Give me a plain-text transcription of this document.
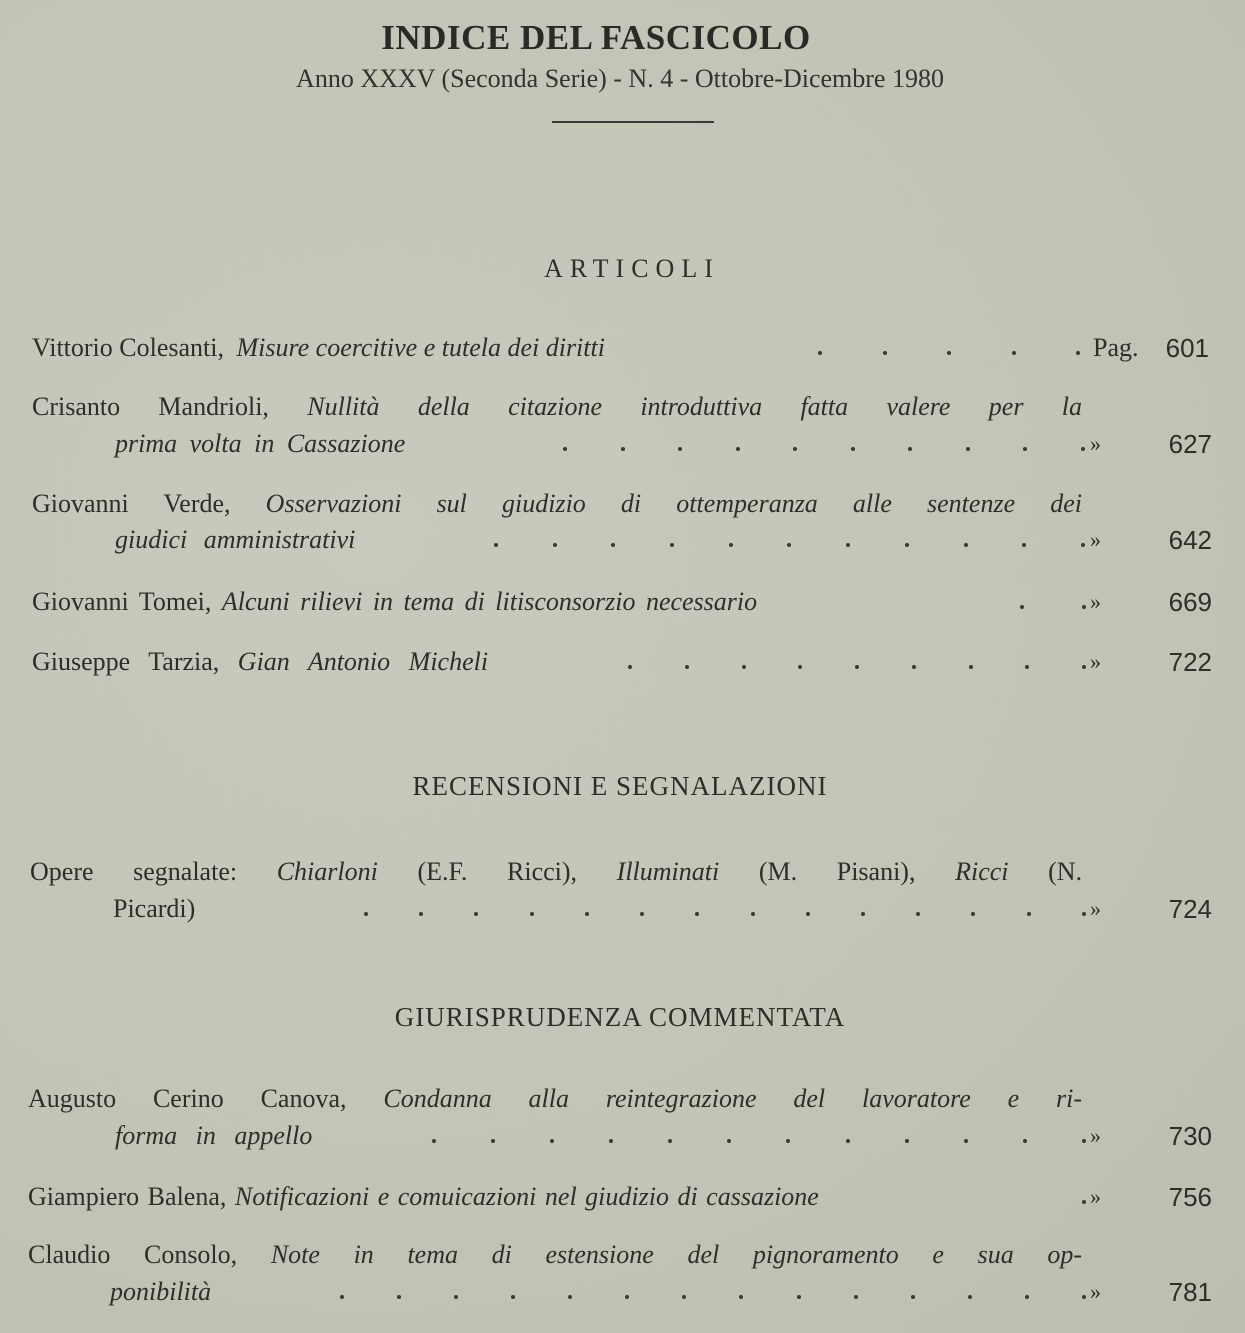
INDICE DEL FASCICOLO
Anno XXXV (Seconda Serie) - N. 4 - Ottobre-Dicembre 1980
ARTICOLI
Vittorio Colesanti, Misure coercitive e tutela dei diritti	Pag. 601
Crisanto Mandrioli, Nullità della citazione introduttiva fatta valere per la
prima volta in Cassazione	»	627
Giovanni Verde, Osservazioni sul giudizio di ottemperanza alle sentenze dei
giudici amministrativi	»	642
Giovanni Tomei, Alcuni rilievi in tema di litisconsorzio necessario	»	669
Giuseppe Tarzia, Gian Antonio Micheli	»	722
RECENSIONI E SEGNALAZIONI
Opere segnalate: Chiarloni (E.F. Ricci), Illuminati (M. Pisani), Ricci (N.
Picardi)	»	724
GIURISPRUDENZA COMMENTATA
Augusto Cerino Canova, Condanna alla reintegrazione del lavoratore e ri-
forma in appello	»	730
Giampiero Balena, Notificazioni e comuicazioni nel giudizio di cassazione	»	756
Claudio Consolo, Note in tema di estensione del pignoramento e sua op-
ponibilità	»	781
